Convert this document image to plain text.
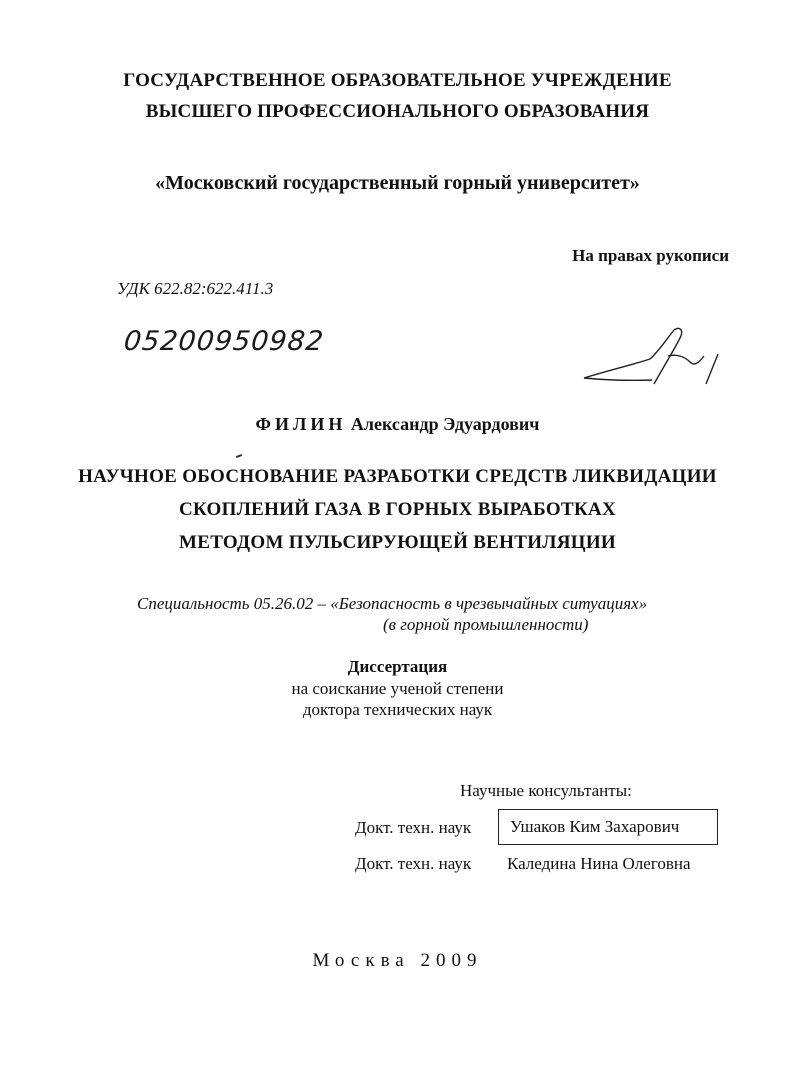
ГОСУДАРСТВЕННОЕ ОБРАЗОВАТЕЛЬНОЕ УЧРЕЖДЕНИЕ
ВЫСШЕГО ПРОФЕССИОНАЛЬНОГО ОБРАЗОВАНИЯ
«Московский государственный горный университет»
На правах рукописи
УДК 622.82:622.411.3
05200950982
ФИЛИН Александр Эдуардович
НАУЧНОЕ ОБОСНОВАНИЕ РАЗРАБОТКИ СРЕДСТВ ЛИКВИДАЦИИ
СКОПЛЕНИЙ ГАЗА В ГОРНЫХ ВЫРАБОТКАХ
МЕТОДОМ ПУЛЬСИРУЮЩЕЙ ВЕНТИЛЯЦИИ
Специальность 05.26.02 – «Безопасность в чрезвычайных ситуациях»
(в горной промышленности)
Диссертация
на соискание ученой степени
доктора технических наук
Научные консультанты:
Докт. техн. наук	Ушаков Ким Захарович
Докт. техн. наук Каледина Нина Олеговна
Москва 2009
